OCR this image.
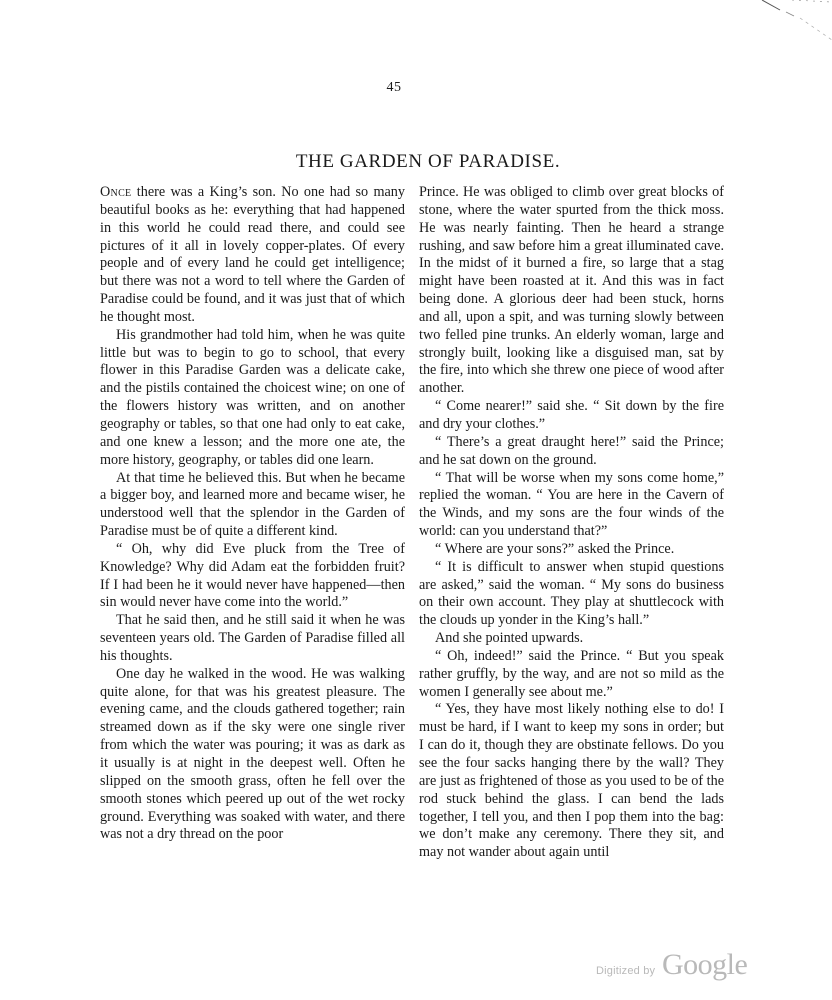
45
THE GARDEN OF PARADISE.

Once there was a King’s son. No one had so many beautiful books as he: everything that had happened in this world he could read there, and could see pictures of it all in lovely copper-plates. Of every people and of every land he could get intelligence; but there was not a word to tell where the Garden of Paradise could be found, and it was just that of which he thought most.

His grandmother had told him, when he was quite little but was to begin to go to school, that every flower in this Paradise Garden was a delicate cake, and the pistils contained the choicest wine; on one of the flowers history was written, and on another geography or tables, so that one had only to eat cake, and one knew a lesson; and the more one ate, the more history, geography, or tables did one learn.

At that time he believed this. But when he became a bigger boy, and learned more and became wiser, he understood well that the splendor in the Garden of Paradise must be of quite a different kind.

“ Oh, why did Eve pluck from the Tree of Knowledge? Why did Adam eat the forbidden fruit? If I had been he it would never have happened—then sin would never have come into the world.”

That he said then, and he still said it when he was seventeen years old. The Garden of Paradise filled all his thoughts.

One day he walked in the wood. He was walking quite alone, for that was his greatest pleasure. The evening came, and the clouds gathered together; rain streamed down as if the sky were one single river from which the water was pouring; it was as dark as it usually is at night in the deepest well. Often he slipped on the smooth grass, often he fell over the smooth stones which peered up out of the wet rocky ground. Everything was soaked with water, and there was not a dry thread on the poor

Prince. He was obliged to climb over great blocks of stone, where the water spurted from the thick moss. He was nearly fainting. Then he heard a strange rushing, and saw before him a great illuminated cave. In the midst of it burned a fire, so large that a stag might have been roasted at it. And this was in fact being done. A glorious deer had been stuck, horns and all, upon a spit, and was turning slowly between two felled pine trunks. An elderly woman, large and strongly built, looking like a disguised man, sat by the fire, into which she threw one piece of wood after another.

“ Come nearer!” said she. “ Sit down by the fire and dry your clothes.”

“ There’s a great draught here!” said the Prince; and he sat down on the ground.

“ That will be worse when my sons come home,” replied the woman. “ You are here in the Cavern of the Winds, and my sons are the four winds of the world: can you understand that?”

“ Where are your sons?” asked the Prince.

“ It is difficult to answer when stupid questions are asked,” said the woman. “ My sons do business on their own account. They play at shuttlecock with the clouds up yonder in the King’s hall.”

And she pointed upwards.

“ Oh, indeed!” said the Prince. “ But you speak rather gruffly, by the way, and are not so mild as the women I generally see about me.”

“ Yes, they have most likely nothing else to do! I must be hard, if I want to keep my sons in order; but I can do it, though they are obstinate fellows. Do you see the four sacks hanging there by the wall? They are just as frightened of those as you used to be of the rod stuck behind the glass. I can bend the lads together, I tell you, and then I pop them into the bag: we don’t make any ceremony. There they sit, and may not wander about again until

Digitized by Google
